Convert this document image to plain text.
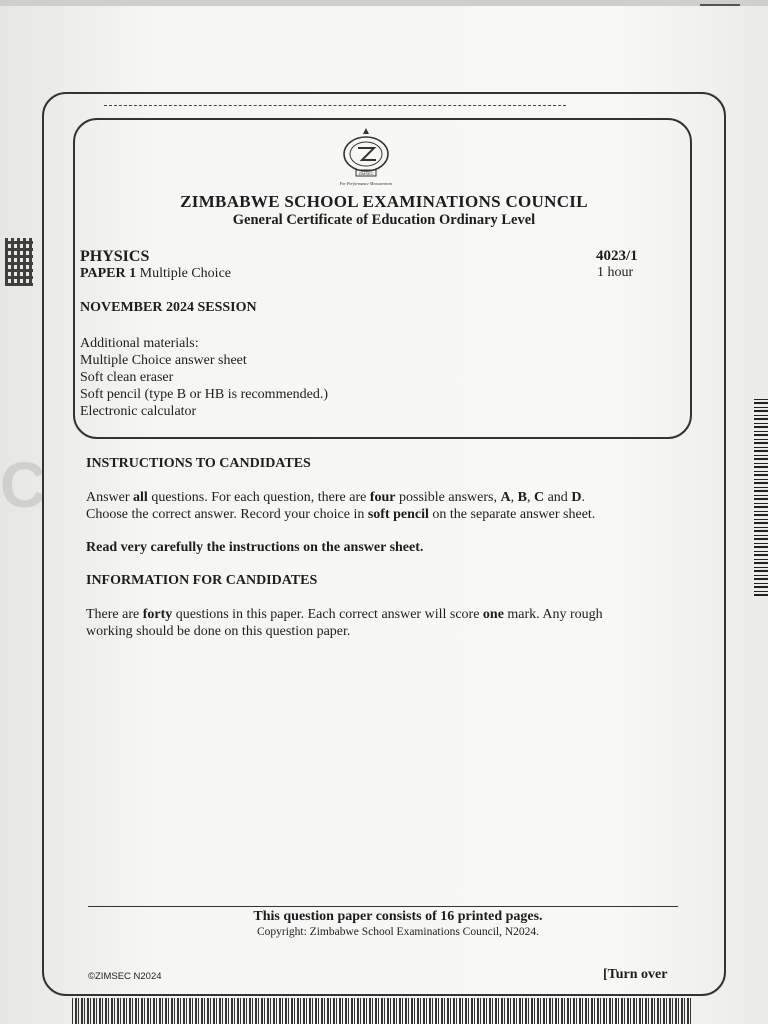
C
ZIMSEC
For Performance Measurement
ZIMBABWE SCHOOL EXAMINATIONS COUNCIL
General Certificate of Education Ordinary Level
PHYSICS
PAPER 1 Multiple Choice
4023/1
1 hour
NOVEMBER 2024 SESSION
Additional materials:
Multiple Choice answer sheet
Soft clean eraser
Soft pencil (type B or HB is recommended.)
Electronic calculator
INSTRUCTIONS TO CANDIDATES
Answer all questions. For each question, there are four possible answers, A, B, C and D.
Choose the correct answer. Record your choice in soft pencil on the separate answer sheet.
Read very carefully the instructions on the answer sheet.
INFORMATION FOR CANDIDATES
There are forty questions in this paper. Each correct answer will score one mark. Any rough
working should be done on this question paper.
This question paper consists of 16 printed pages.
Copyright: Zimbabwe School Examinations Council, N2024.
©ZIMSEC N2024	[Turn over
